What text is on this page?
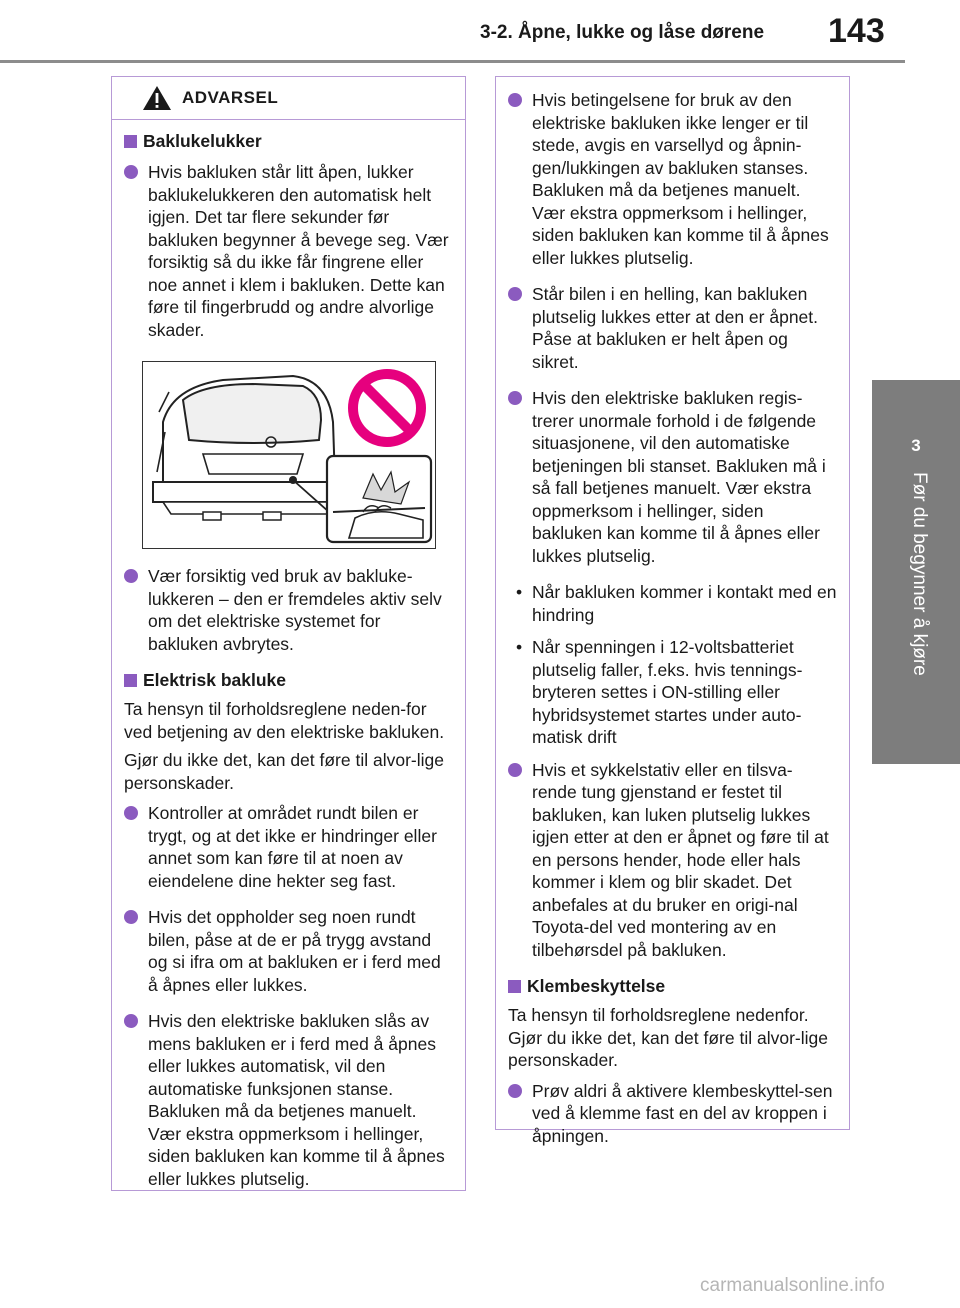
3-2. Åpne, lukke og låse dørene 143
3
Før du begynner å kjøre
ADVARSEL
Baklukelukker
Hvis bakluken står litt åpen, lukker baklukelukkeren den automatisk helt igjen. Det tar flere sekunder før bakluken begynner å bevege seg. Vær forsiktig så du ikke får fingrene eller noe annet i klem i bakluken. Dette kan føre til fingerbrudd og andre alvorlige skader.
Vær forsiktig ved bruk av bakluke-lukkeren – den er fremdeles aktiv selv om det elektriske systemet for bakluken avbrytes.
Elektrisk bakluke
Ta hensyn til forholdsreglene neden-for ved betjening av den elektriske bakluken.
Gjør du ikke det, kan det føre til alvor-lige personskader.
Kontroller at området rundt bilen er trygt, og at det ikke er hindringer eller annet som kan føre til at noen av eiendelene dine hekter seg fast.
Hvis det oppholder seg noen rundt bilen, påse at de er på trygg avstand og si ifra om at bakluken er i ferd med å åpnes eller lukkes.
Hvis den elektriske bakluken slås av mens bakluken er i ferd med å åpnes eller lukkes automatisk, vil den automatiske funksjonen stanse. Bakluken må da betjenes manuelt. Vær ekstra oppmerksom i hellinger, siden bakluken kan komme til å åpnes eller lukkes plutselig.
Hvis betingelsene for bruk av den elektriske bakluken ikke lenger er til stede, avgis en varsellyd og åpnin-gen/lukkingen av bakluken stanses. Bakluken må da betjenes manuelt. Vær ekstra oppmerksom i hellinger, siden bakluken kan komme til å åpnes eller lukkes plutselig.
Står bilen i en helling, kan bakluken plutselig lukkes etter at den er åpnet. Påse at bakluken er helt åpen og sikret.
Hvis den elektriske bakluken regis-trerer unormale forhold i de følgende situasjonene, vil den automatiske betjeningen bli stanset. Bakluken må i så fall betjenes manuelt. Vær ekstra oppmerksom i hellinger, siden bakluken kan komme til å åpnes eller lukkes plutselig.
• Når bakluken kommer i kontakt med en hindring
• Når spenningen i 12-voltsbatteriet plutselig faller, f.eks. hvis tennings-bryteren settes i ON-stilling eller hybridsystemet startes under auto-matisk drift
Hvis et sykkelstativ eller en tilsva-rende tung gjenstand er festet til bakluken, kan luken plutselig lukkes igjen etter at den er åpnet og føre til at en persons hender, hode eller hals kommer i klem og blir skadet. Det anbefales at du bruker en origi-nal Toyota-del ved montering av en tilbehørsdel på bakluken.
Klembeskyttelse
Ta hensyn til forholdsreglene nedenfor. Gjør du ikke det, kan det føre til alvor-lige personskader.
Prøv aldri å aktivere klembeskyttel-sen ved å klemme fast en del av kroppen i åpningen.
carmanualsonline.info
